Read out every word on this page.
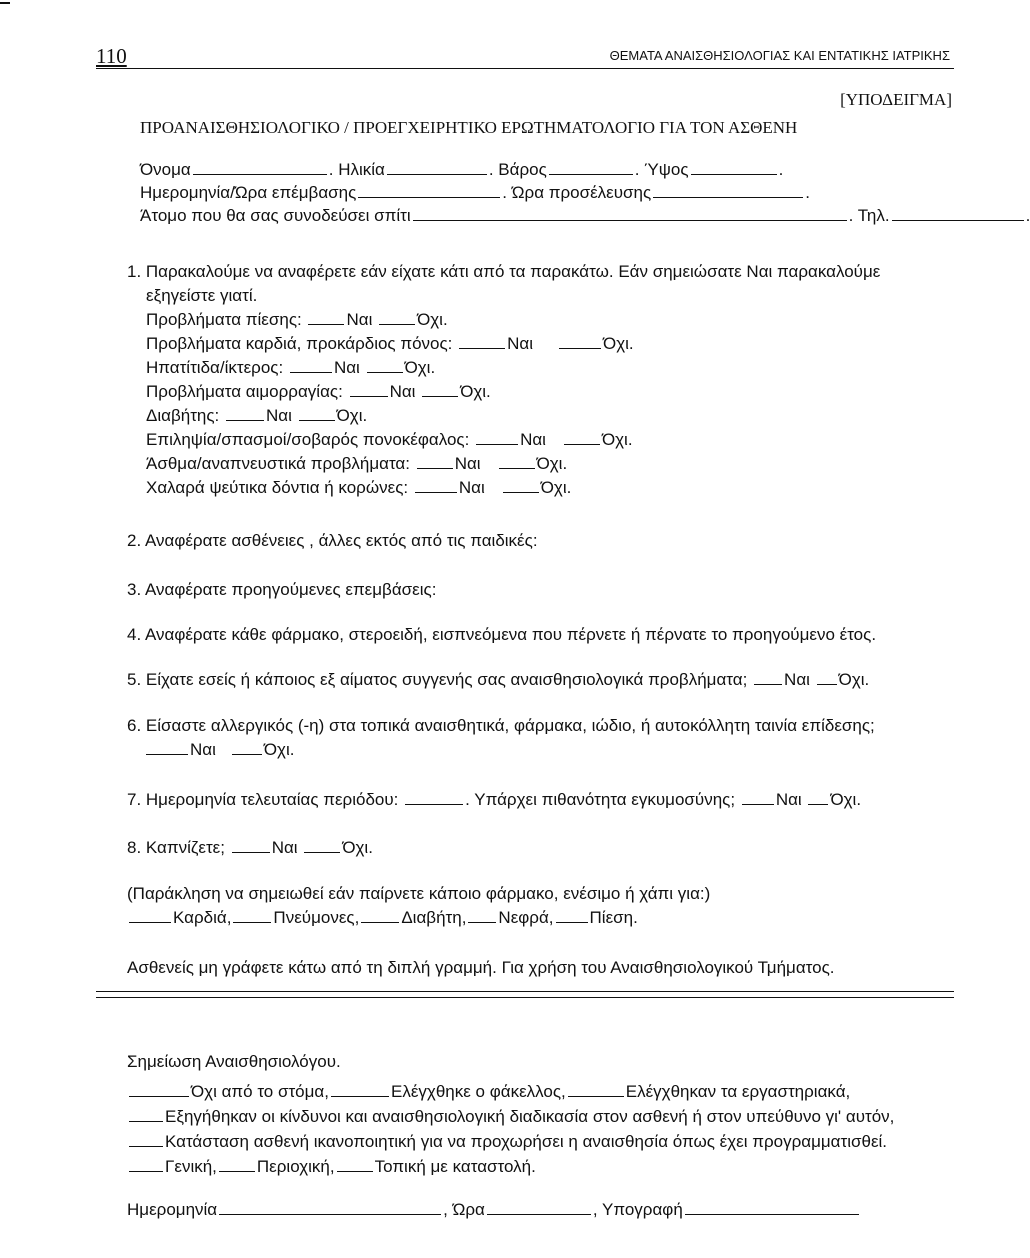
110	ΘΕΜΑΤΑ ΑΝΑΙΣΘΗΣΙΟΛΟΓΙΑΣ ΚΑΙ ΕΝΤΑΤΙΚΗΣ ΙΑΤΡΙΚΗΣ
[ΥΠΟΔΕΙΓΜΑ]
ΠΡΟΑΝΑΙΣΘΗΣΙΟΛΟΓΙΚΟ / ΠΡΟΕΓΧΕΙΡΗΤΙΚΟ ΕΡΩΤΗΜΑΤΟΛΟΓΙΟ ΓΙΑ ΤΟΝ ΑΣΘΕΝΗ
Όνομα	. Ηλικία	. Βάρος	. Ύψος	.
Ημερομηνία/Ώρα επέμβασης	. Ώρα προσέλευσης	.
Άτομο που θα σας συνοδεύσει σπίτι	. Τηλ.	.
1. Παρακαλούμε να αναφέρετε εάν είχατε κάτι από τα παρακάτω. Εάν σημειώσατε Ναι παρακαλούμε
εξηγείστε γιατί.
Προβλήματα πίεσης:	Ναι	Όχι.
Προβλήματα καρδιά, προκάρδιος πόνος:	Ναι	Όχι.
Ηπατίτιδα/ίκτερος:	Ναι	Όχι.
Προβλήματα αιμορραγίας:	Ναι	Όχι.
Διαβήτης:	Ναι	Όχι.
Επιληψία/σπασμοί/σοβαρός πονοκέφαλος:	Ναι	Όχι.
Άσθμα/αναπνευστικά προβλήματα:	Ναι	Όχι.
Χαλαρά ψεύτικα δόντια ή κορώνες:	Ναι	Όχι.
2. Αναφέρατε ασθένειες , άλλες εκτός από τις παιδικές:
3. Αναφέρατε προηγούμενες επεμβάσεις:
4. Αναφέρατε κάθε φάρμακο, στεροειδή, εισπνεόμενα που πέρνετε ή πέρνατε το προηγούμενο έτος.
5. Είχατε εσείς ή κάποιος εξ αίματος συγγενής σας αναισθησιολογικά προβλήματα; Ναι Όχι.
6. Είσαστε αλλεργικός (-η) στα τοπικά αναισθητικά, φάρμακα, ιώδιο, ή αυτοκόλλητη ταινία επίδεσης;
Ναι	Όχι.
7. Ημερομηνία τελευταίας περιόδου:	. Υπάρχει πιθανότητα εγκυμοσύνης; Ναι Όχι.
8. Καπνίζετε;	Ναι	Όχι.
(Παράκληση να σημειωθεί εάν παίρνετε κάποιο φάρμακο, ενέσιμο ή χάπι για:)
Καρδιά, Πνεύμονες, Διαβήτη, Νεφρά, Πίεση.
Ασθενείς μη γράφετε κάτω από τη διπλή γραμμή. Για χρήση του Αναισθησιολογικού Τμήματος.
Σημείωση Αναισθησιολόγου.
Όχι από το στόμα,	Ελέγχθηκε ο φάκελλος,	Ελέγχθηκαν τα εργαστηριακά,
Εξηγήθηκαν οι κίνδυνοι και αναισθησιολογική διαδικασία στον ασθενή ή στον υπεύθυνο γι' αυτόν,
Κατάσταση ασθενή ικανοποιητική για να προχωρήσει η αναισθησία όπως έχει προγραμματισθεί.
Γενική, Περιοχική, Τοπική με καταστολή.
Ημερομηνία	, Ώρα	, Υπογραφή
